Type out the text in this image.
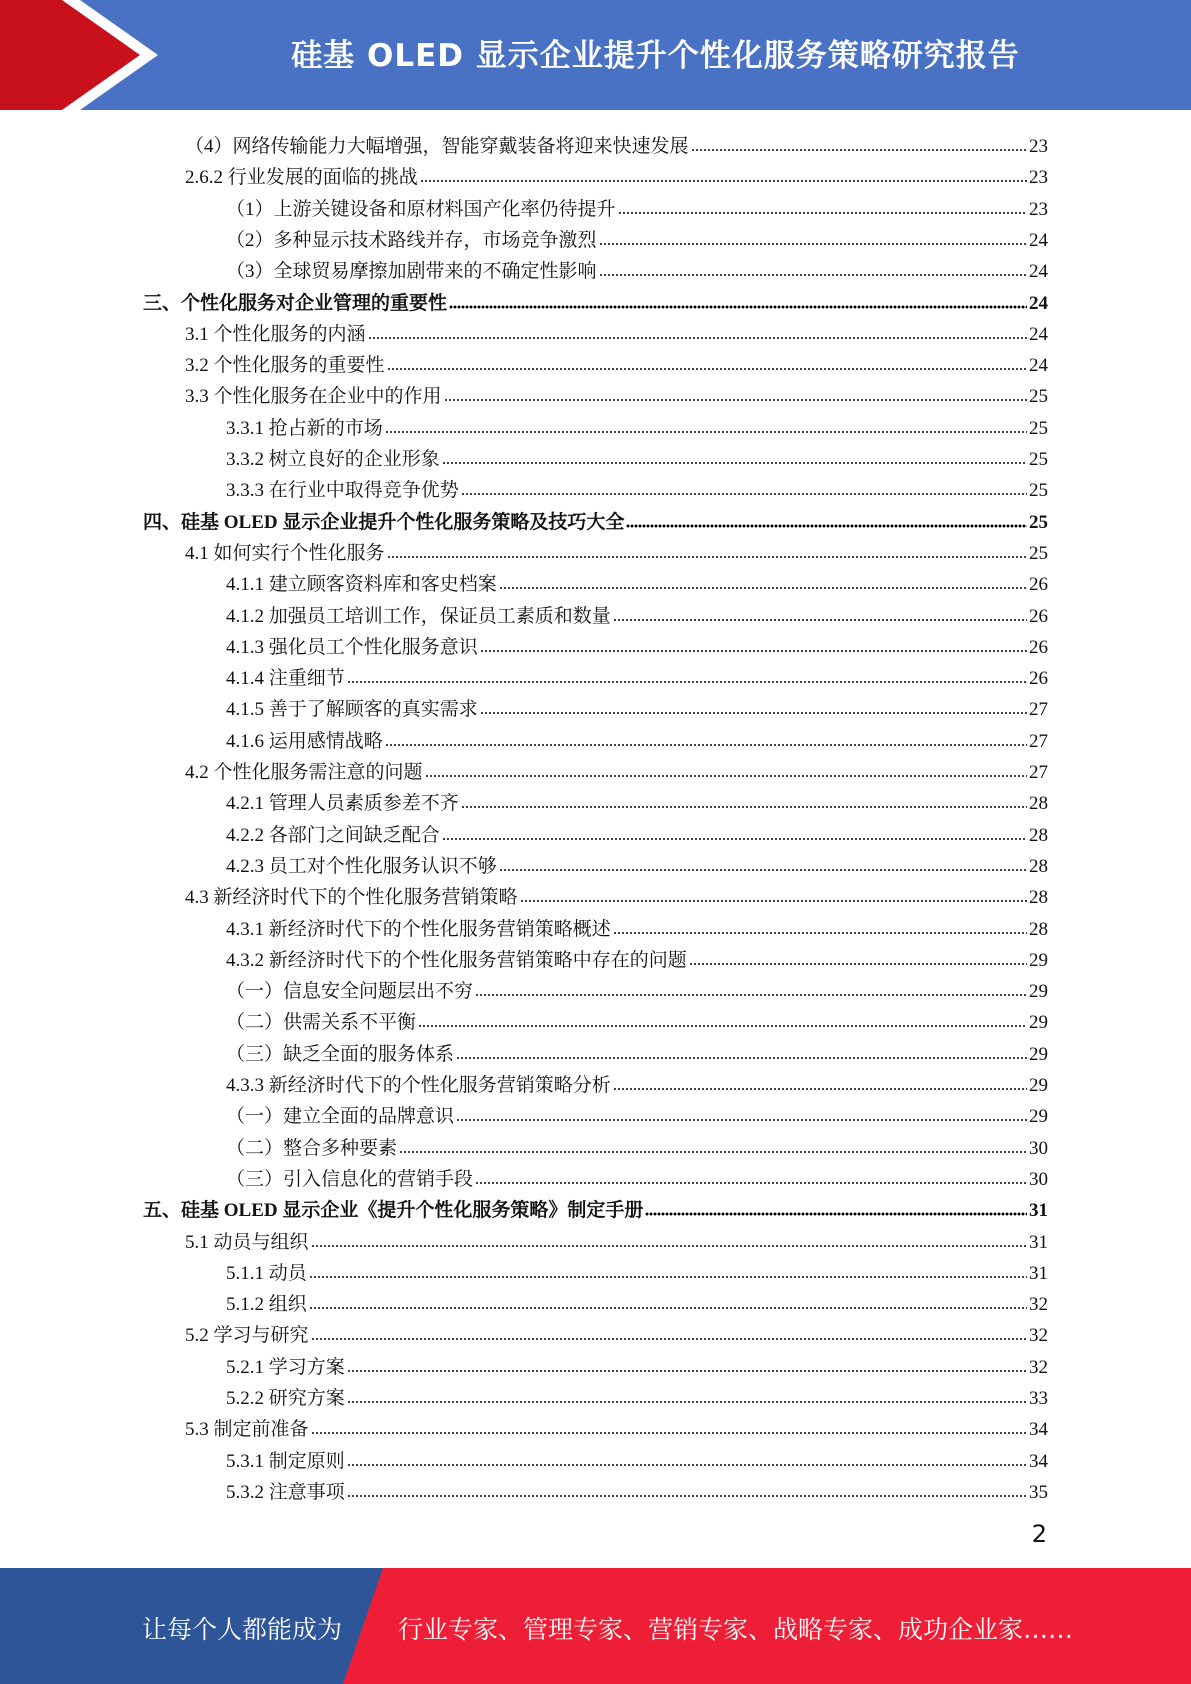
硅基 OLED 显示企业提升个性化服务策略研究报告
（4）网络传输能力大幅增强，智能穿戴装备将迎来快速发展	23
2.6.2 行业发展的面临的挑战	23
（1）上游关键设备和原材料国产化率仍待提升	23
（2）多种显示技术路线并存，市场竞争激烈	24
（3）全球贸易摩擦加剧带来的不确定性影响	24
三、个性化服务对企业管理的重要性	24
3.1 个性化服务的内涵	24
3.2 个性化服务的重要性	24
3.3 个性化服务在企业中的作用	25
3.3.1 抢占新的市场	25
3.3.2 树立良好的企业形象	25
3.3.3 在行业中取得竞争优势	25
四、硅基 OLED 显示企业提升个性化服务策略及技巧大全	25
4.1 如何实行个性化服务	25
4.1.1 建立顾客资料库和客史档案	26
4.1.2 加强员工培训工作，保证员工素质和数量	26
4.1.3 强化员工个性化服务意识	26
4.1.4 注重细节	26
4.1.5 善于了解顾客的真实需求	27
4.1.6 运用感情战略	27
4.2 个性化服务需注意的问题	27
4.2.1 管理人员素质参差不齐	28
4.2.2 各部门之间缺乏配合	28
4.2.3 员工对个性化服务认识不够	28
4.3 新经济时代下的个性化服务营销策略	28
4.3.1 新经济时代下的个性化服务营销策略概述	28
4.3.2 新经济时代下的个性化服务营销策略中存在的问题	29
（一）信息安全问题层出不穷	29
（二）供需关系不平衡	29
（三）缺乏全面的服务体系	29
4.3.3 新经济时代下的个性化服务营销策略分析	29
（一）建立全面的品牌意识	29
（二）整合多种要素	30
（三）引入信息化的营销手段	30
五、硅基 OLED 显示企业《提升个性化服务策略》制定手册	31
5.1 动员与组织	31
5.1.1 动员	31
5.1.2 组织	32
5.2 学习与研究	32
5.2.1 学习方案	32
5.2.2 研究方案	33
5.3 制定前准备	34
5.3.1 制定原则	34
5.3.2 注意事项	35
2
让每个人都能成为 行业专家、管理专家、营销专家、战略专家、成功企业家……
